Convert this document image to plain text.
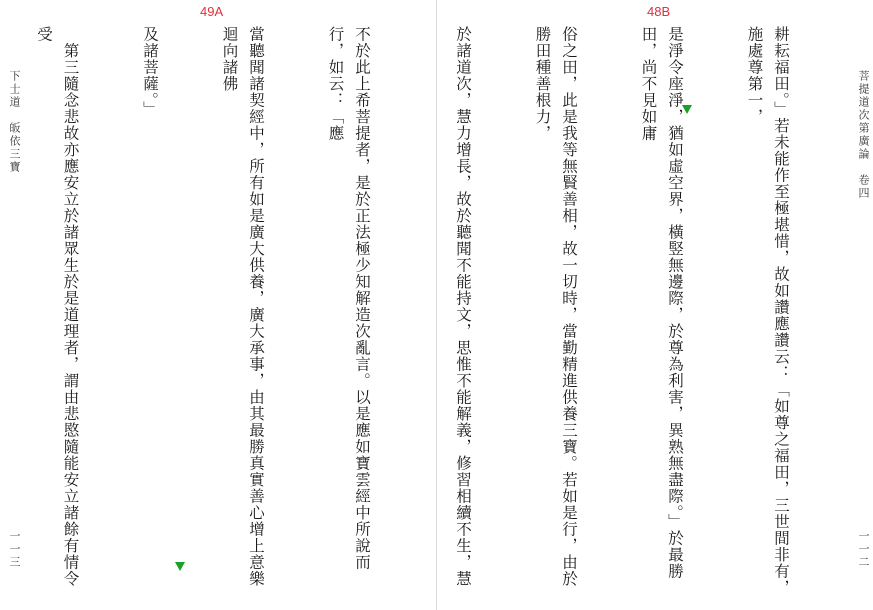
49A
下士道　皈依三寶
一一三

	不於此上希菩提者，是於正法極少知解造次亂言。以是應如寶雲經中所說而行，如云：「應

當聽聞諸契經中，所有如是廣大供養，廣大承事，由其最勝真實善心增上意樂迴向諸佛

及諸菩薩。」

　第三隨念悲故亦應安立於諸眾生於是道理者，謂由悲愍隨能安立諸餘有情令受

48B
菩提道次第廣論　卷四
一一二

耕耘福田。」若未能作至極堪惜，故如讚應讚云：「如尊之福田，三世間非有，施處尊第一，

是淨令座淨，猶如虛空界，橫竪無邊際，於尊為利害，異熟無盡際。」於最勝田，尚不見如庸

俗之田，此是我等無賢善相，故一切時，當勤精進供養三寶。若如是行，由於勝田種善根力，

於諸道次，慧力增長，故於聽聞不能持文，思惟不能解義，修習相續不生，慧
